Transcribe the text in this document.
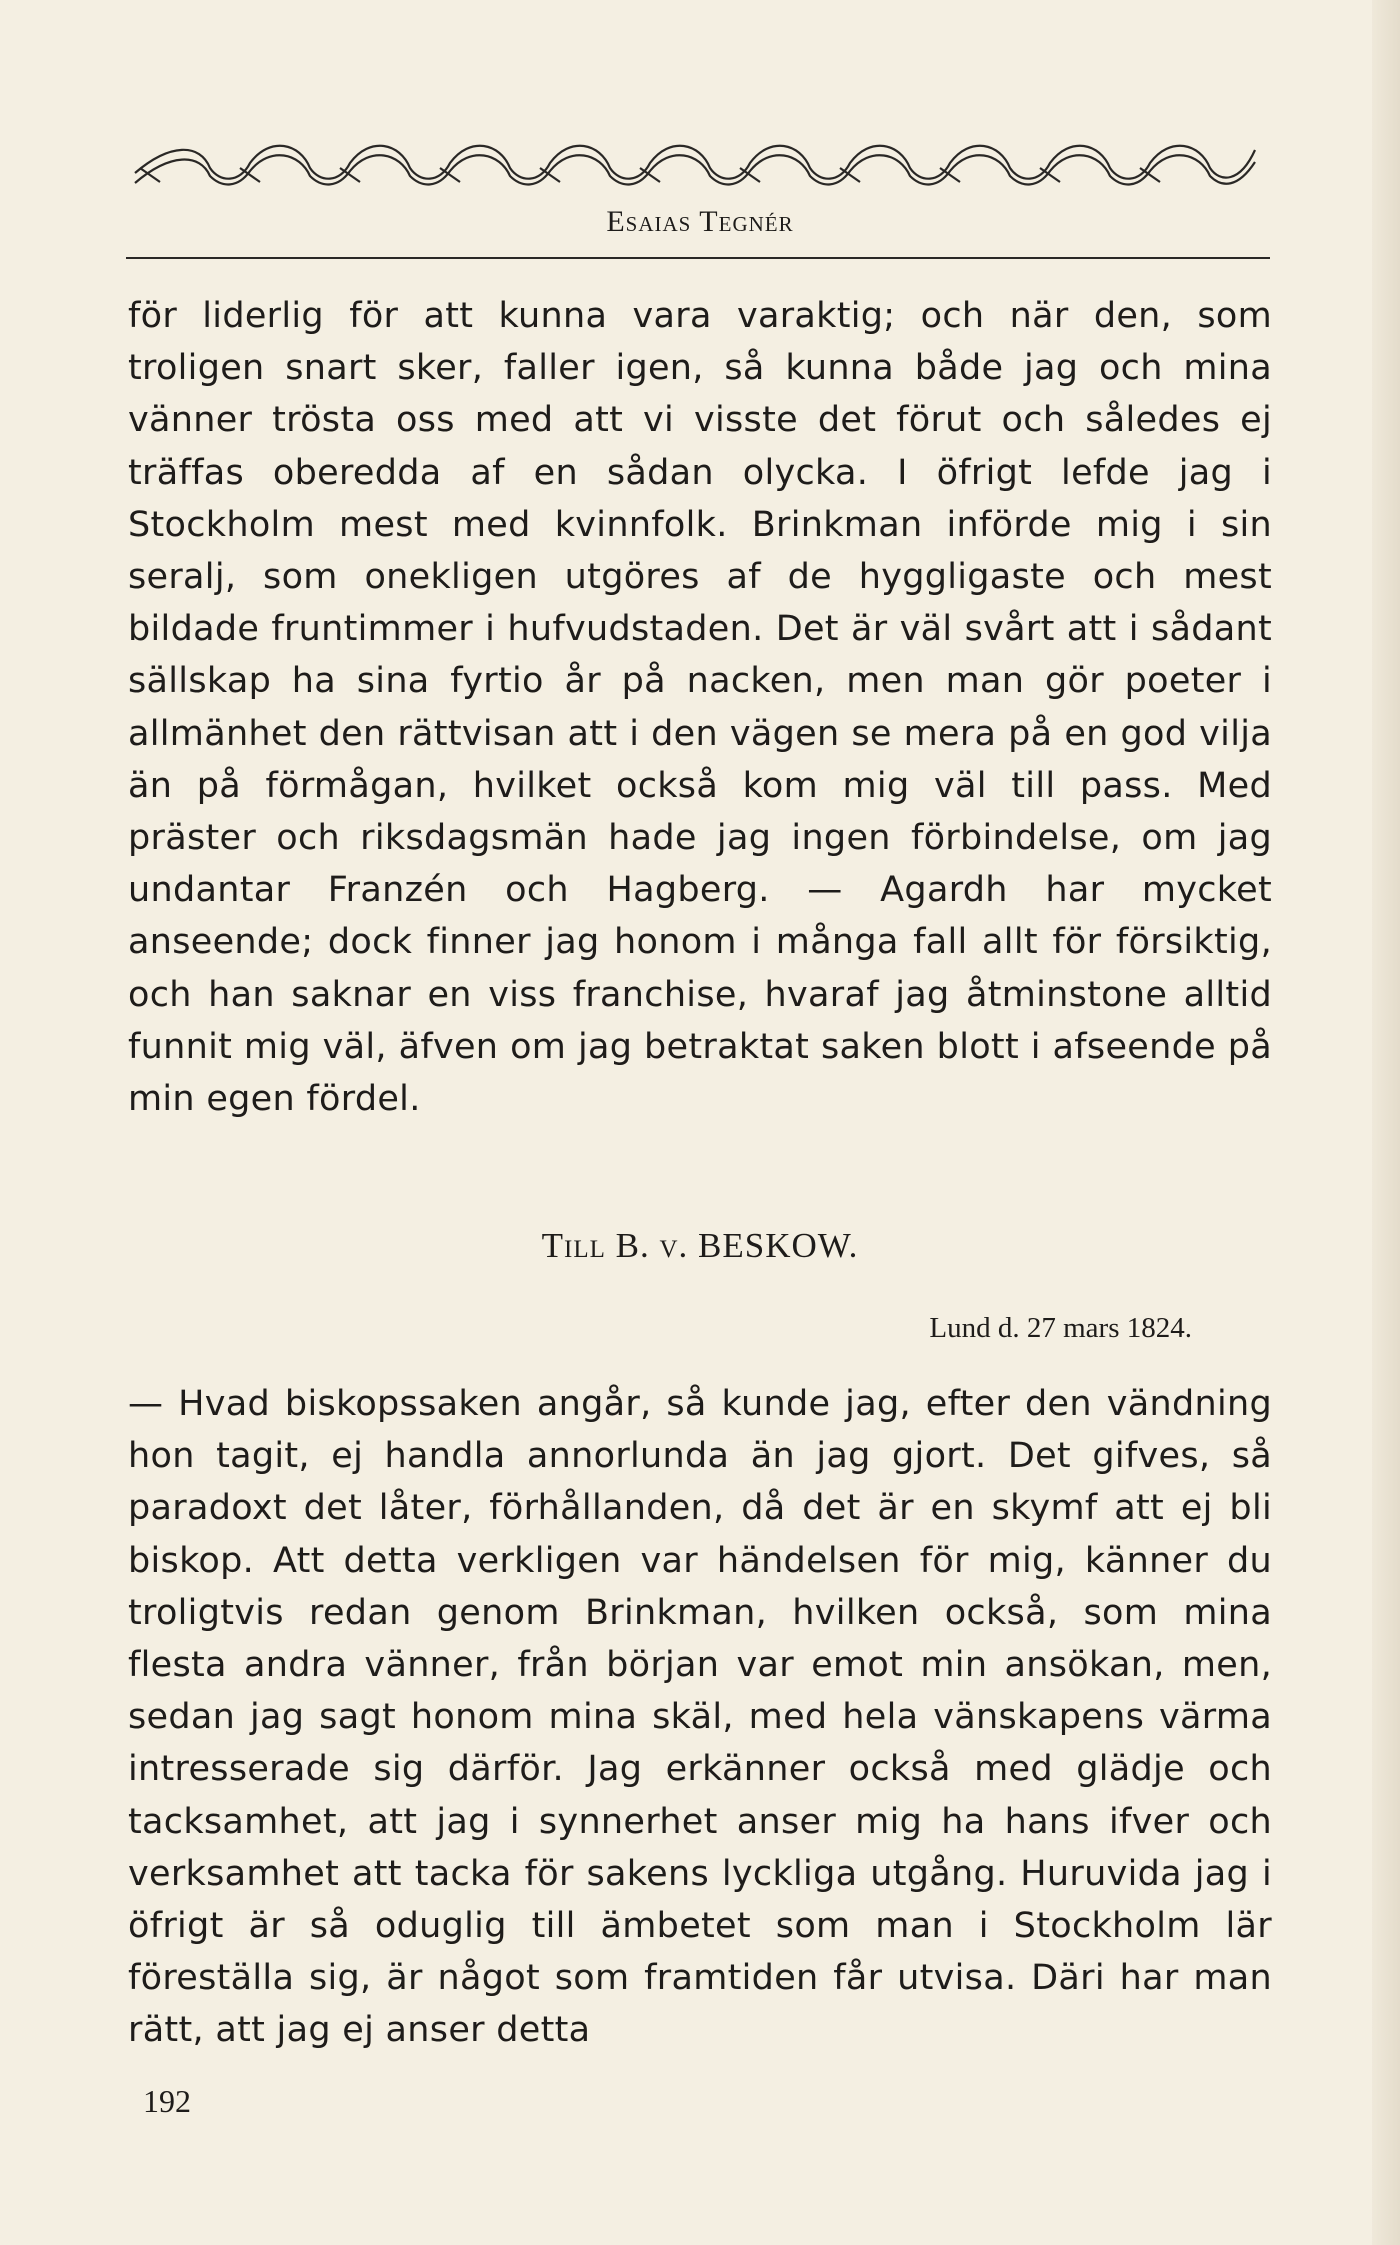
Esaias Tegnér

för liderlig för att kunna vara varaktig; och när den, som troligen snart sker, faller igen, så kunna både jag och mina vänner trösta oss med att vi visste det förut och således ej träffas oberedda af en sådan olycka. I öfrigt lefde jag i Stockholm mest med kvinnfolk. Brinkman införde mig i sin seralj, som onekligen utgöres af de hyggligaste och mest bildade fruntimmer i hufvudstaden. Det är väl svårt att i sådant sällskap ha sina fyrtio år på nacken, men man gör poeter i allmänhet den rättvisan att i den vägen se mera på en god vilja än på förmågan, hvilket också kom mig väl till pass. Med präster och riksdagsmän hade jag ingen förbindelse, om jag undantar Franzén och Hagberg. — Agardh har mycket anseende; dock finner jag honom i många fall allt för försiktig, och han saknar en viss franchise, hvaraf jag åtminstone alltid funnit mig väl, äfven om jag betraktat saken blott i afseende på min egen fördel.

Till B. v. BESKOW.
Lund d. 27 mars 1824.

— Hvad biskopssaken angår, så kunde jag, efter den vändning hon tagit, ej handla annorlunda än jag gjort. Det gifves, så paradoxt det låter, förhållanden, då det är en skymf att ej bli biskop. Att detta verkligen var händelsen för mig, känner du troligtvis redan genom Brinkman, hvilken också, som mina flesta andra vänner, från början var emot min ansökan, men, sedan jag sagt honom mina skäl, med hela vänskapens värma intresserade sig därför. Jag erkänner också med glädje och tacksamhet, att jag i synnerhet anser mig ha hans ifver och verksamhet att tacka för sakens lyckliga utgång. Huruvida jag i öfrigt är så oduglig till ämbetet som man i Stockholm lär föreställa sig, är något som framtiden får utvisa. Däri har man rätt, att jag ej anser detta

192
